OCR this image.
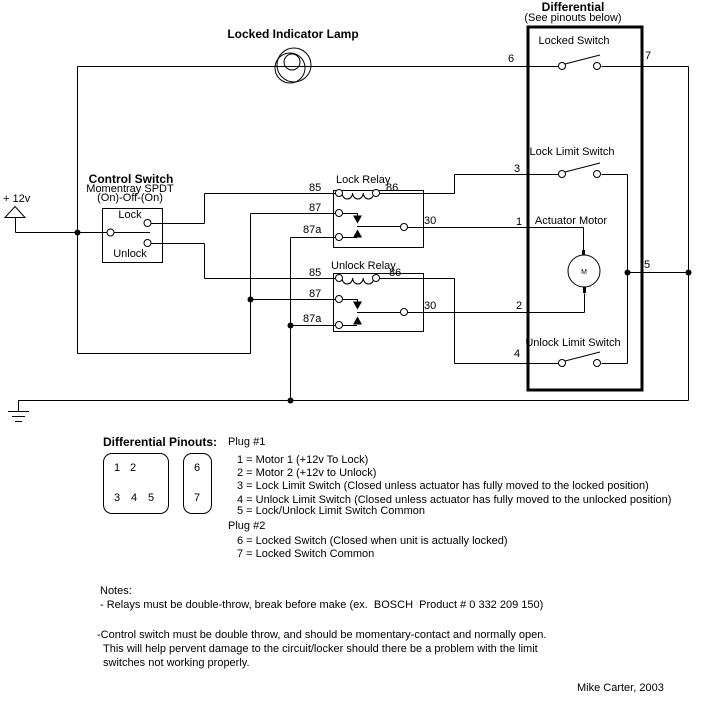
+ 12v
Locked Indicator Lamp
Control Switch
Momentray SPDT
(On)-Off-(On)
Lock
Unlock
Lock Relay
85	86
87
87a
30
Unlock Relay
85	86
87
87a
30
Differential
(See pinouts below)
Locked Switch
Lock Limit Switch
Actuator Motor
M
Unlock Limit Switch
6	7
3
1
5
2
4
Differential Pinouts:
1 2
3 4 5
6
7
Plug #1
1 = Motor 1 (+12v To Lock)
2 = Motor 2 (+12v to Unlock)
3 = Lock Limit Switch (Closed unless actuator has fully moved to the locked position)
4 = Unlock Limit Switch (Closed unless actuator has fully moved to the unlocked position)
5 = Lock/Unlock Limit Switch Common
Plug #2
6 = Locked Switch (Closed when unit is actually locked)
7 = Locked Switch Common
Notes:
- Relays must be double-throw, break before make (ex.  BOSCH  Product # 0 332 209 150)
-Control switch must be double throw, and should be momentary-contact and normally open.
This will help pervent damage to the circuit/locker should there be a problem with the limit
switches not working properly.
Mike Carter, 2003
